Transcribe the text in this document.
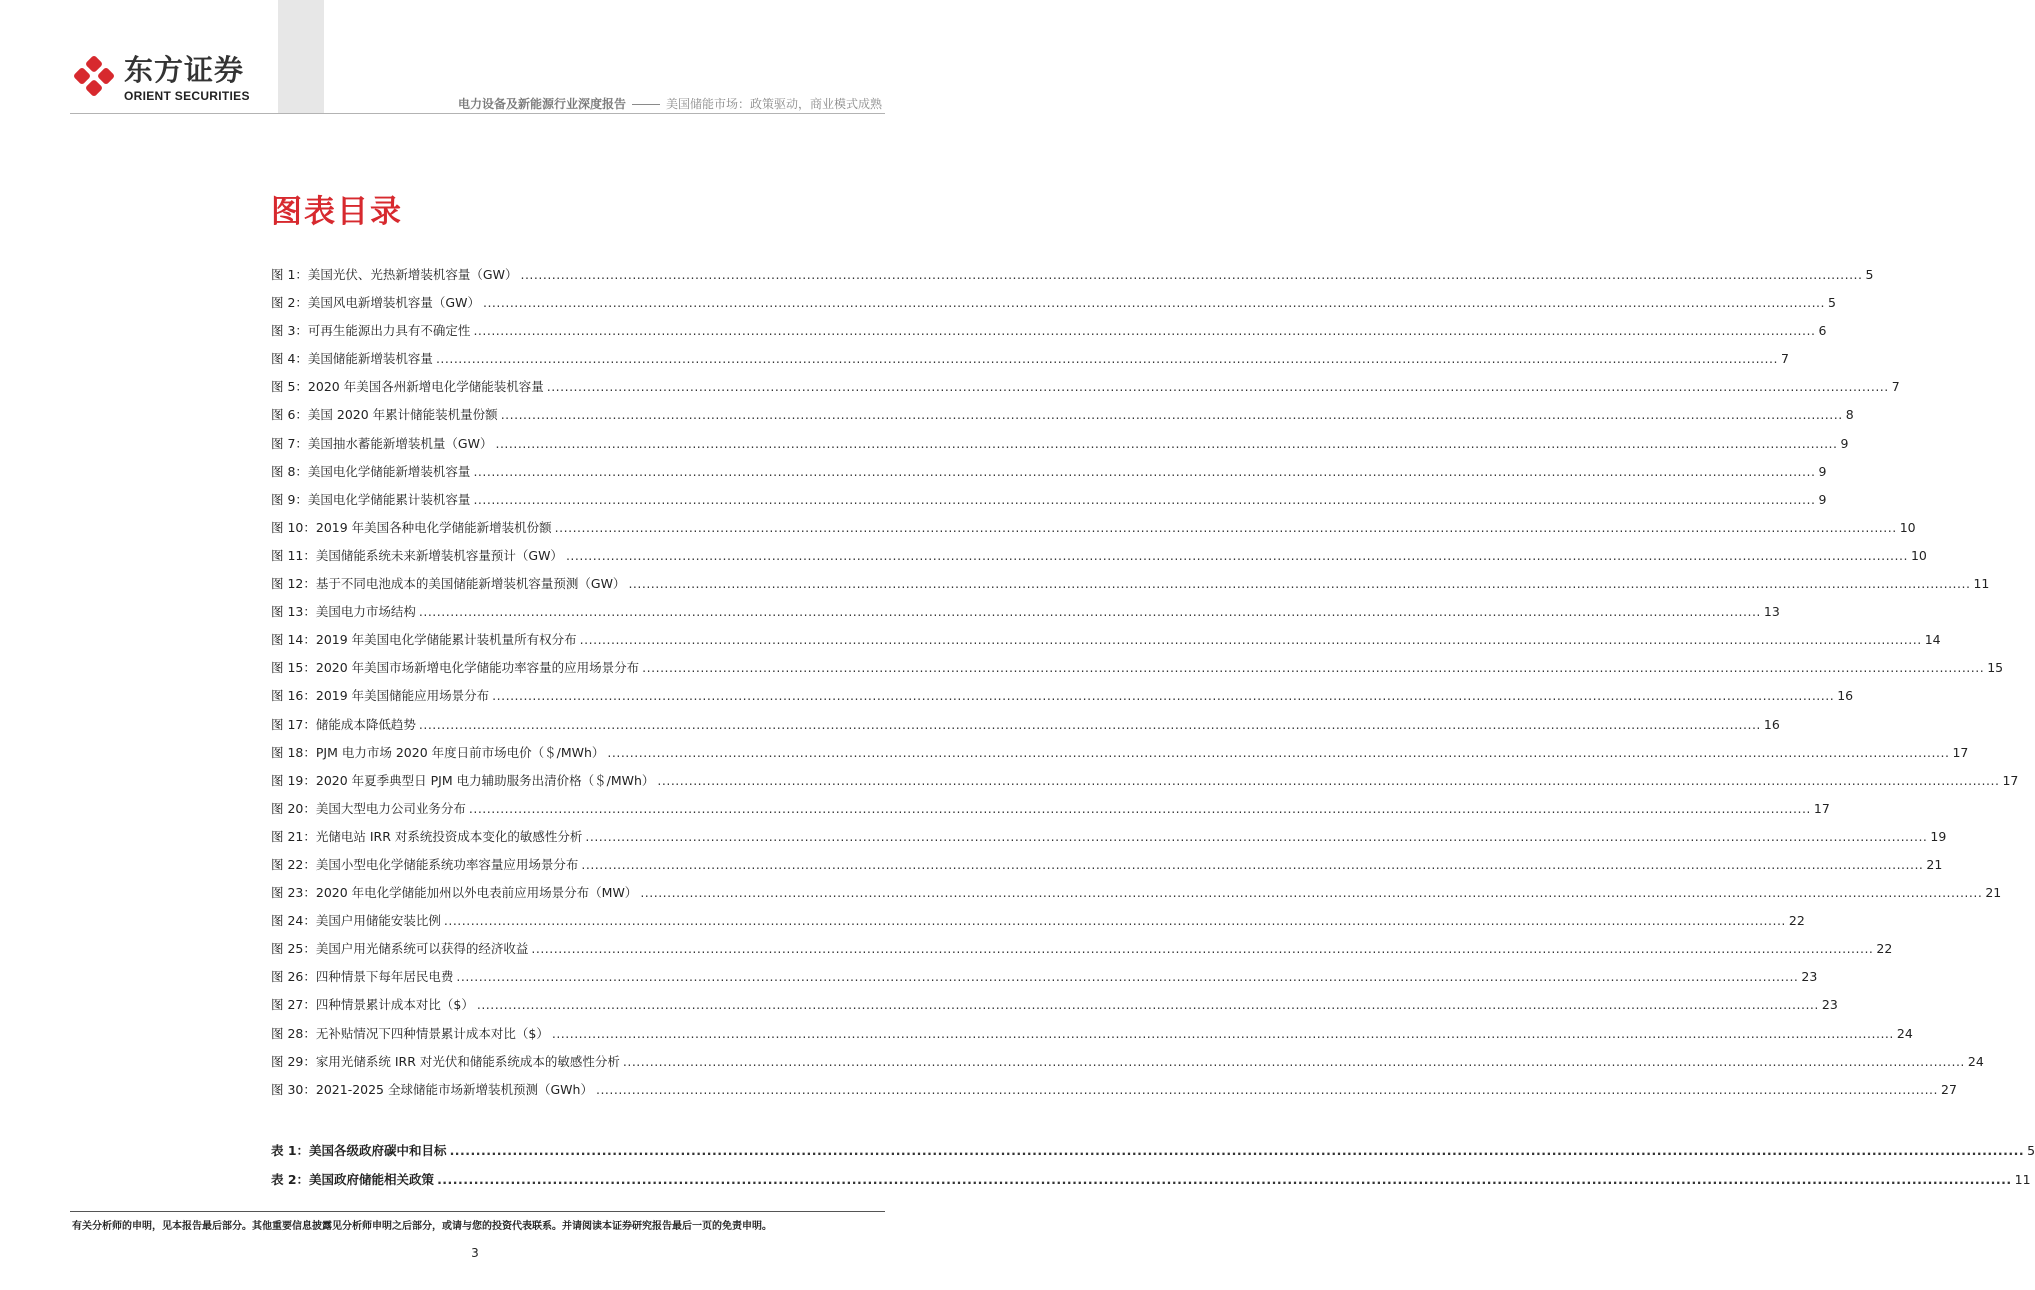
东方证券
ORIENT SECURITIES
电力设备及新能源行业深度报告	美国储能市场：政策驱动，商业模式成熟
图表目录
图 1：美国光伏、光热新增装机容量（GW） ............................................................................................................................................................................................................................................................................................................ 5
图 2：美国风电新增装机容量（GW） ............................................................................................................................................................................................................................................................................................................ 5
图 3：可再生能源出力具有不确定性 ............................................................................................................................................................................................................................................................................................................ 6
图 4：美国储能新增装机容量 ............................................................................................................................................................................................................................................................................................................ 7
图 5：2020 年美国各州新增电化学储能装机容量 ............................................................................................................................................................................................................................................................................................................ 7
图 6：美国 2020 年累计储能装机量份额 ............................................................................................................................................................................................................................................................................................................ 8
图 7：美国抽水蓄能新增装机量（GW） ............................................................................................................................................................................................................................................................................................................ 9
图 8：美国电化学储能新增装机容量 ............................................................................................................................................................................................................................................................................................................ 9
图 9：美国电化学储能累计装机容量 ............................................................................................................................................................................................................................................................................................................ 9
图 10：2019 年美国各种电化学储能新增装机份额 ............................................................................................................................................................................................................................................................................................................ 10
图 11：美国储能系统未来新增装机容量预计（GW） ............................................................................................................................................................................................................................................................................................................ 10
图 12：基于不同电池成本的美国储能新增装机容量预测（GW） ............................................................................................................................................................................................................................................................................................................ 11
图 13：美国电力市场结构 ............................................................................................................................................................................................................................................................................................................ 13
图 14：2019 年美国电化学储能累计装机量所有权分布 ............................................................................................................................................................................................................................................................................................................ 14
图 15：2020 年美国市场新增电化学储能功率容量的应用场景分布 ............................................................................................................................................................................................................................................................................................................ 15
图 16：2019 年美国储能应用场景分布 ............................................................................................................................................................................................................................................................................................................ 16
图 17：储能成本降低趋势 ............................................................................................................................................................................................................................................................................................................ 16
图 18：PJM 电力市场 2020 年度日前市场电价（＄/MWh） ............................................................................................................................................................................................................................................................................................................ 17
图 19：2020 年夏季典型日 PJM 电力辅助服务出清价格（＄/MWh） ............................................................................................................................................................................................................................................................................................................ 17
图 20：美国大型电力公司业务分布 ............................................................................................................................................................................................................................................................................................................ 17
图 21：光储电站 IRR 对系统投资成本变化的敏感性分析 ............................................................................................................................................................................................................................................................................................................ 19
图 22：美国小型电化学储能系统功率容量应用场景分布 ............................................................................................................................................................................................................................................................................................................ 21
图 23：2020 年电化学储能加州以外电表前应用场景分布（MW） ............................................................................................................................................................................................................................................................................................................ 21
图 24：美国户用储能安装比例 ............................................................................................................................................................................................................................................................................................................ 22
图 25：美国户用光储系统可以获得的经济收益 ............................................................................................................................................................................................................................................................................................................ 22
图 26：四种情景下每年居民电费 ............................................................................................................................................................................................................................................................................................................ 23
图 27：四种情景累计成本对比（$） ............................................................................................................................................................................................................................................................................................................ 23
图 28：无补贴情况下四种情景累计成本对比（$） ............................................................................................................................................................................................................................................................................................................ 24
图 29：家用光储系统 IRR 对光伏和储能系统成本的敏感性分析 ............................................................................................................................................................................................................................................................................................................ 24
图 30：2021-2025 全球储能市场新增装机预测（GWh） ............................................................................................................................................................................................................................................................................................................ 27
表 1：美国各级政府碳中和目标 ............................................................................................................................................................................................................................................................................................................ 5
表 2：美国政府储能相关政策 ............................................................................................................................................................................................................................................................................................................ 11
有关分析师的申明，见本报告最后部分。其他重要信息披露见分析师申明之后部分，或请与您的投资代表联系。并请阅读本证券研究报告最后一页的免责申明。
3
